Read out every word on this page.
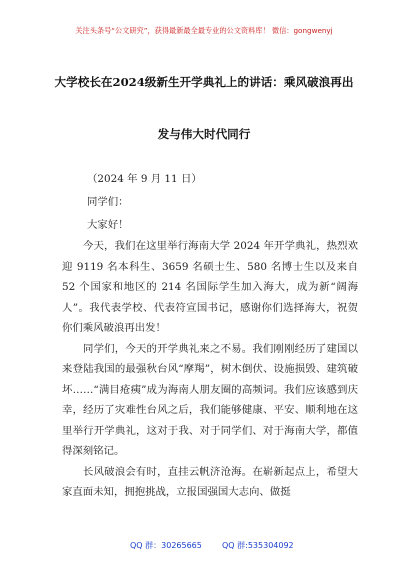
关注头条号“公文研究”，获得最新最全最专业的公文资料库！ 微信：gongwenyj
大学校长在2024级新生开学典礼上的讲话：乘风破浪再出
发与伟大时代同行
（2024 年 9 月 11 日）
同学们：
大家好！

今天，我们在这里举行海南大学 2024 年开学典礼，热烈欢迎 9119 名本科生、3659 名硕士生、580 名博士生以及来自 52 个国家和地区的 214 名国际学生加入海大，成为新“阔海人”。我代表学校、代表符宣国书记，感谢你们选择海大，祝贺你们乘风破浪再出发！

同学们，今天的开学典礼来之不易。我们刚刚经历了建国以来登陆我国的最强秋台风“摩羯”，树木倒伏、设施损毁、建筑破坏……“满目疮痍”成为海南人朋友圈的高频词。我们应该感到庆幸，经历了灾难性台风之后，我们能够健康、平安、顺利地在这里举行开学典礼，这对于我、对于同学们、对于海南大学，都值得深刻铭记。

长风破浪会有时，直挂云帆济沧海。在崭新起点上，希望大家直面未知，拥抱挑战，立报国强国大志向、做挺

QQ 群：30265665	QQ 群:535304092
